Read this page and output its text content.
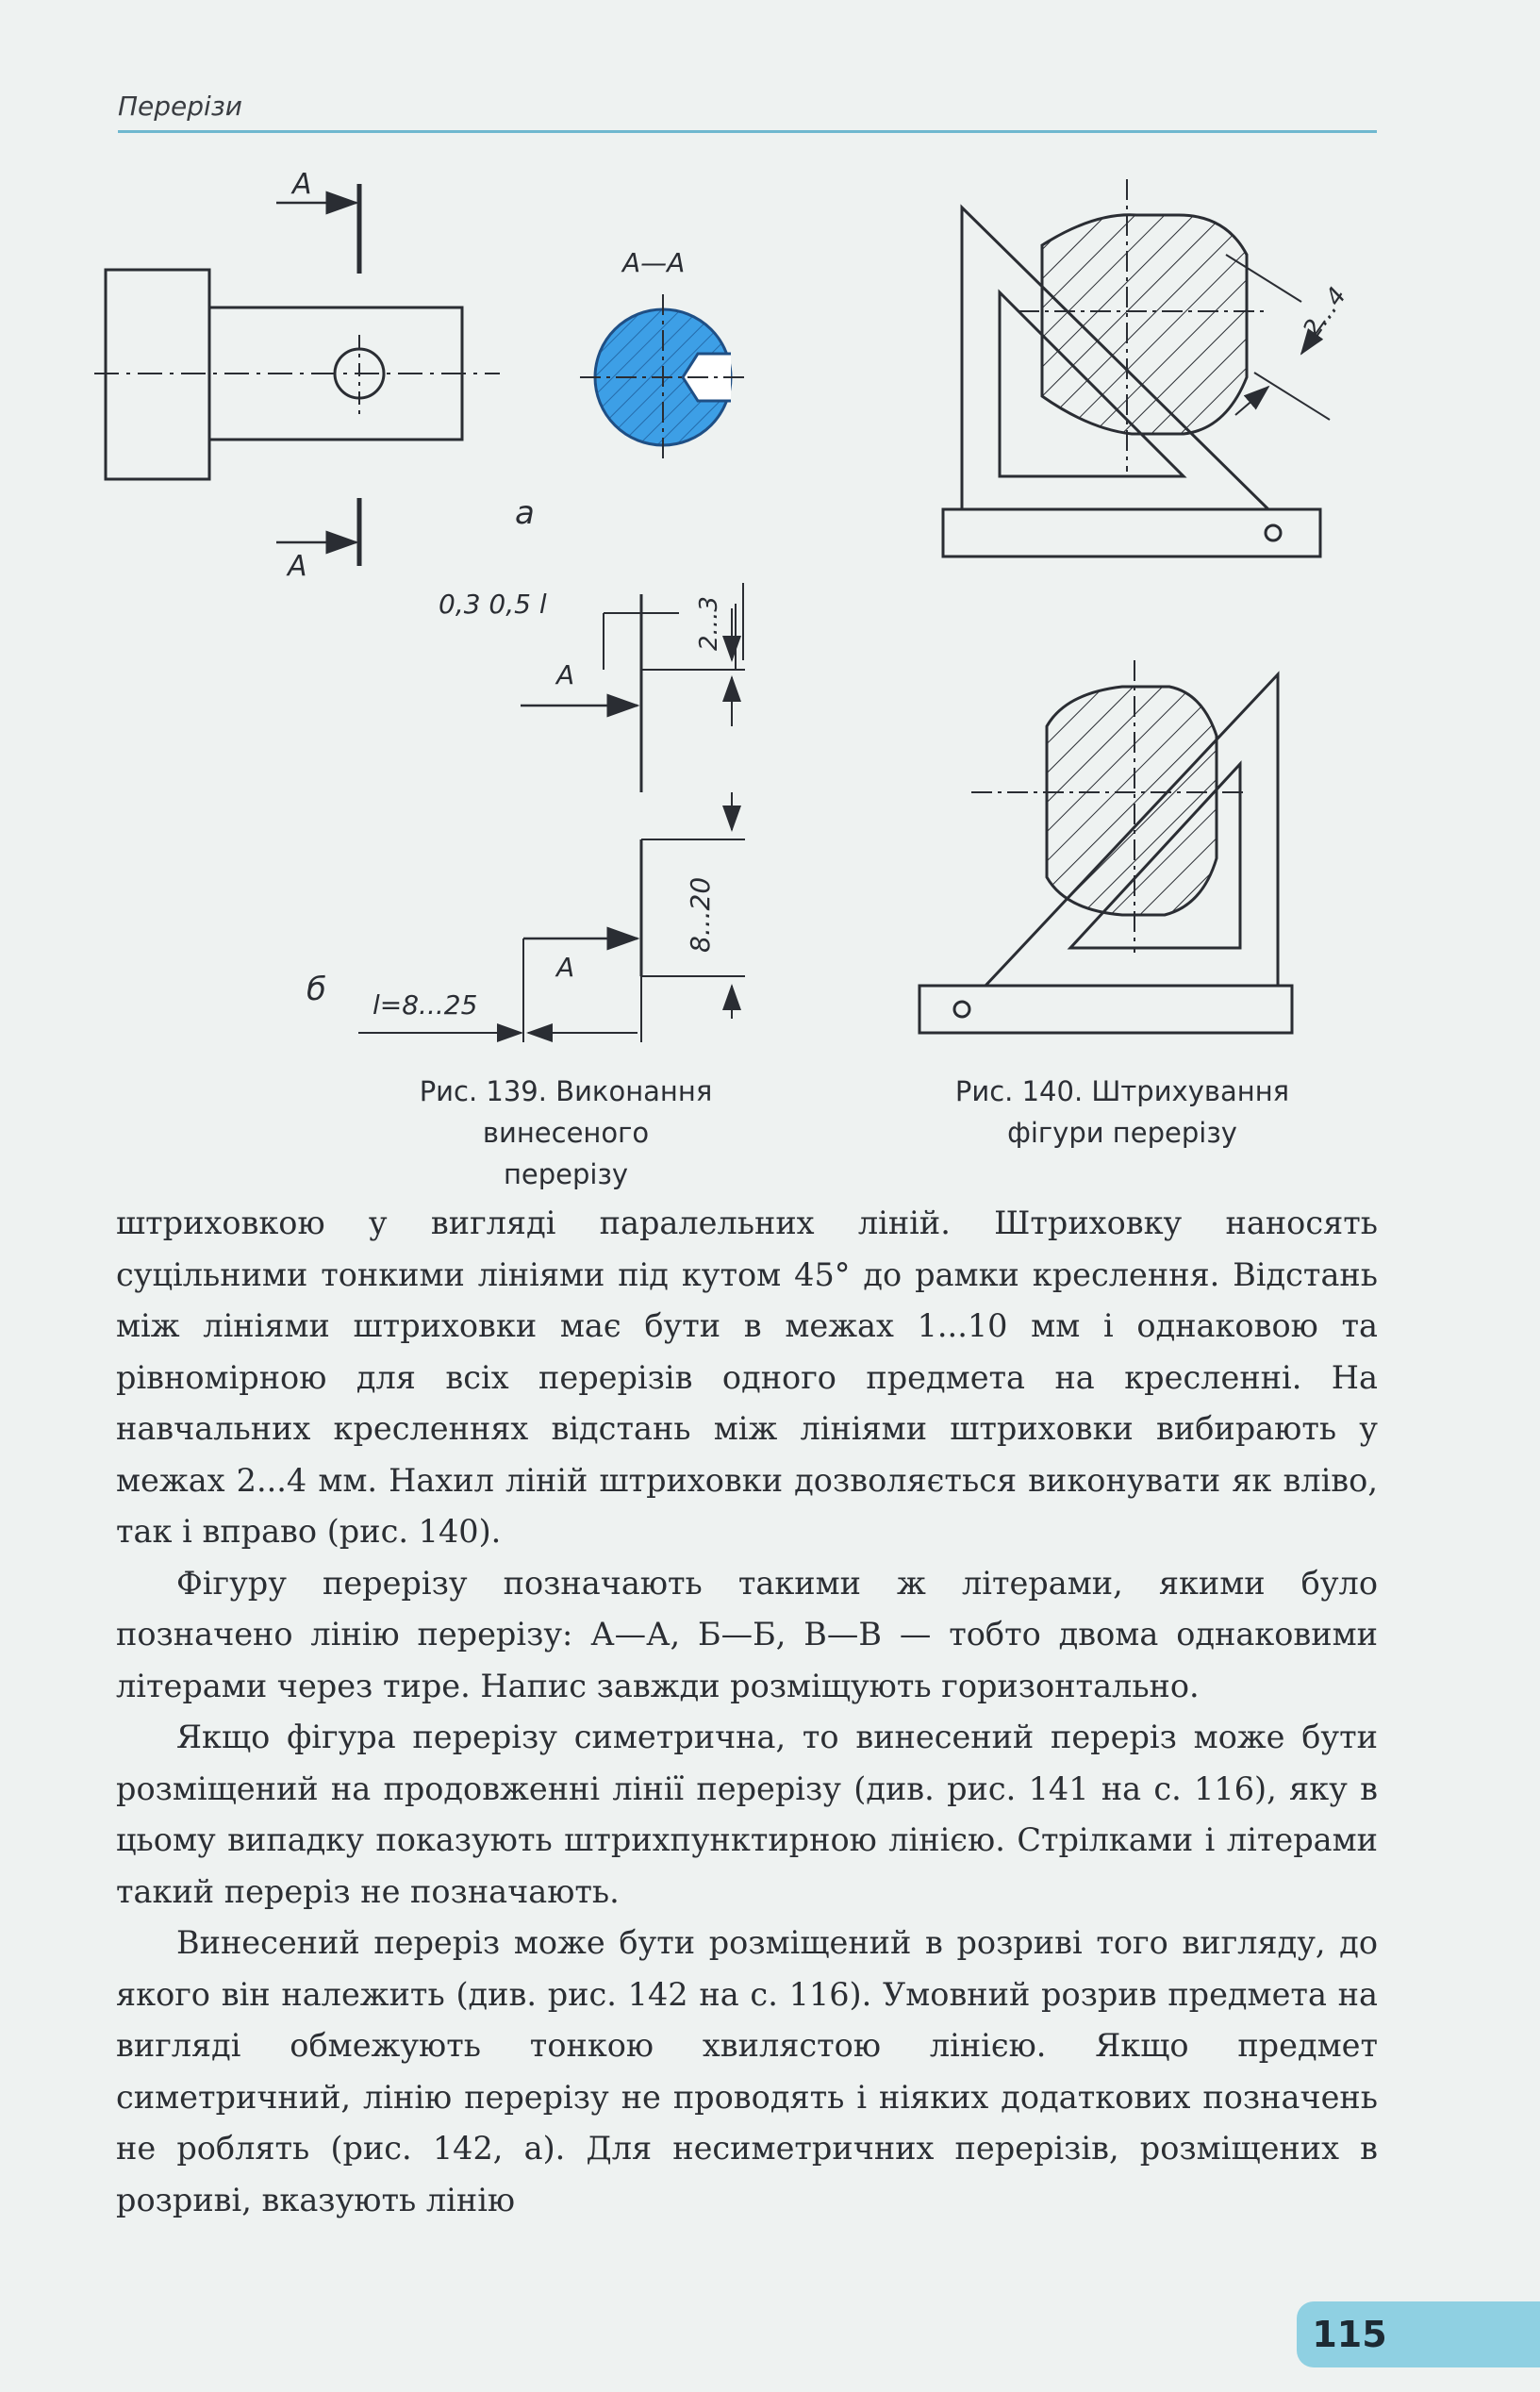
Перерізи
А
А
А—А
а
0,3 0,5 l	2...3
А
8...20
А
l=8...25
б
2...4
Рис. 139. Виконання винесеного
перерізу
Рис. 140. Штрихування
фігури перерізу

штриховкою у вигляді паралельних ліній. Штриховку наносять суцільними тонкими лініями під кутом 45° до рамки креслення. Відстань між лініями штриховки має бути в межах 1...10 мм і однаковою та рівномірною для всіх перерізів одного предмета на кресленні. На навчальних кресленнях відстань між лініями штриховки вибирають у межах 2...4 мм. Нахил ліній штриховки дозволяється виконувати як вліво, так і вправо (рис. 140).

Фігуру перерізу позначають такими ж літерами, якими було позначено лінію перерізу: А—А, Б—Б, В—В — тобто двома однаковими літерами через тире. Напис завжди розміщують горизонтально.

Якщо фігура перерізу симетрична, то винесений переріз може бути розміщений на продовженні лінії перерізу (див. рис. 141 на с. 116), яку в цьому випадку показують штрихпунктирною лінією. Стрілками і літерами такий переріз не позначають.

Винесений переріз може бути розміщений в розриві того вигляду, до якого він належить (див. рис. 142 на с. 116). Умовний розрив предмета на вигляді обмежують тонкою хвилястою лінією. Якщо предмет симетричний, лінію перерізу не проводять і ніяких додаткових позначень не роблять (рис. 142, а). Для несиметричних перерізів, розміщених в розриві, вказують лінію

115
